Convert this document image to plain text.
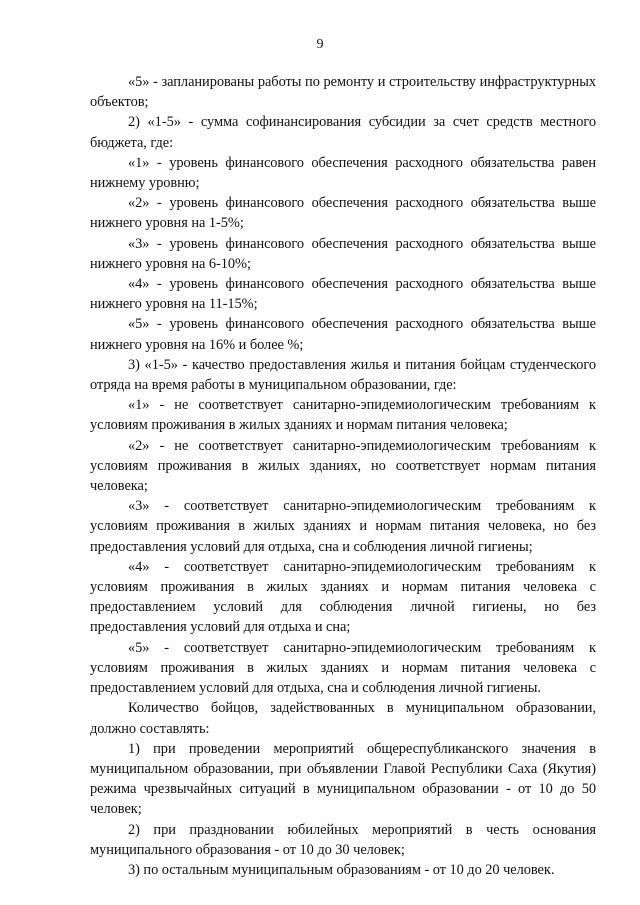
9

«5» - запланированы работы по ремонту и строительству инфраструктурных объектов;

2) «1-5» - сумма софинансирования субсидии за счет средств местного бюджета, где:

«1» - уровень финансового обеспечения расходного обязательства равен нижнему уровню;

«2» - уровень финансового обеспечения расходного обязательства выше нижнего уровня на 1-5%;

«3» - уровень финансового обеспечения расходного обязательства выше нижнего уровня на 6-10%;

«4» - уровень финансового обеспечения расходного обязательства выше нижнего уровня на 11-15%;

«5» - уровень финансового обеспечения расходного обязательства выше нижнего уровня на 16% и более %;

3) «1-5» - качество предоставления жилья и питания бойцам студенческого отряда на время работы в муниципальном образовании, где:

«1» - не соответствует санитарно-эпидемиологическим требованиям к условиям проживания в жилых зданиях и нормам питания человека;

«2» - не соответствует санитарно-эпидемиологическим требованиям к условиям проживания в жилых зданиях, но соответствует нормам питания человека;

«3» - соответствует санитарно-эпидемиологическим требованиям к условиям проживания в жилых зданиях и нормам питания человека, но без предоставления условий для отдыха, сна и соблюдения личной гигиены;

«4» - соответствует санитарно-эпидемиологическим требованиям к условиям проживания в жилых зданиях и нормам питания человека с предоставлением условий для соблюдения личной гигиены, но без предоставления условий для отдыха и сна;

«5» - соответствует санитарно-эпидемиологическим требованиям к условиям проживания в жилых зданиях и нормам питания человека с предоставлением условий для отдыха, сна и соблюдения личной гигиены.

Количество бойцов, задействованных в муниципальном образовании, должно составлять:

1) при проведении мероприятий общереспубликанского значения в муниципальном образовании, при объявлении Главой Республики Саха (Якутия) режима чрезвычайных ситуаций в муниципальном образовании - от 10 до 50 человек;

2) при праздновании юбилейных мероприятий в честь основания муниципального образования - от 10 до 30 человек;

3) по остальным муниципальным образованиям - от 10 до 20 человек.
